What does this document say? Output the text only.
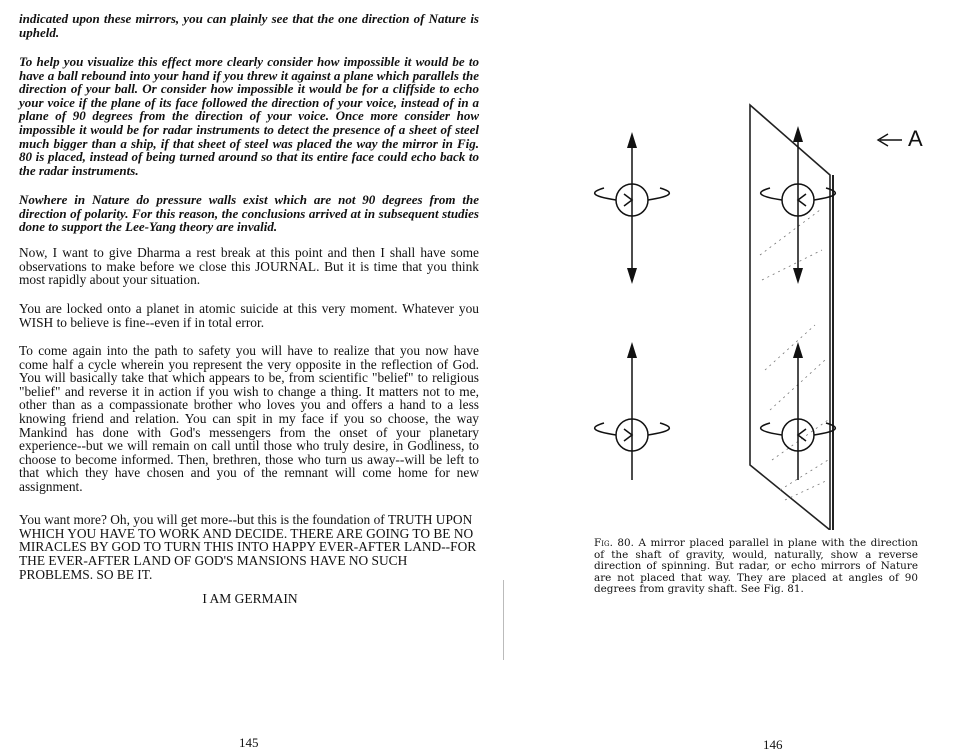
indicated upon these mirrors, you can plainly see that the one direction of Nature is upheld.

To help you visualize this effect more clearly consider how impossible it would be to have a ball rebound into your hand if you threw it against a plane which parallels the direction of your ball. Or consider how impossible it would be for a cliffside to echo your voice if the plane of its face followed the direction of your voice, instead of in a plane of 90 degrees from the direction of your voice. Once more consider how impossible it would be for radar instruments to detect the presence of a sheet of steel much bigger than a ship, if that sheet of steel was placed the way the mirror in Fig. 80 is placed, instead of being turned around so that its entire face could echo back to the radar instruments.

Nowhere in Nature do pressure walls exist which are not 90 degrees from the direction of polarity. For this reason, the conclusions arrived at in subsequent studies done to support the Lee-Yang theory are invalid.

Now, I want to give Dharma a rest break at this point and then I shall have some observations to make before we close this JOURNAL. But it is time that you think most rapidly about your situation.

You are locked onto a planet in atomic suicide at this very moment. Whatever you WISH to believe is fine--even if in total error.

To come again into the path to safety you will have to realize that you now have come half a cycle wherein you represent the very opposite in the reflection of God. You will basically take that which appears to be, from scientific "belief" to religious "belief" and reverse it in action if you wish to change a thing. It matters not to me, other than as a compassionate brother who loves you and offers a hand to a less knowing friend and relation. You can spit in my face if you so choose, the way Mankind has done with God's messengers from the onset of your planetary experience--but we will remain on call until those who truly desire, in Godliness, to choose to become informed. Then, brethren, those who turn us away--will be left to that which they have chosen and you of the remnant will come home for new assignment.

You want more? Oh, you will get more--but this is the foundation of TRUTH UPON WHICH YOU HAVE TO WORK AND DECIDE. THERE ARE GOING TO BE NO MIRACLES BY GOD TO TURN THIS INTO HAPPY EVER-AFTER LAND--FOR THE EVER-AFTER LAND OF GOD'S MANSIONS HAVE NO SUCH PROBLEMS. SO BE IT.

I AM GERMAIN
145
A

Fig. 80. A mirror placed parallel in plane with the direction of the shaft of gravity, would, naturally, show a reverse direction of spinning. But radar, or echo mirrors of Nature are not placed that way. They are placed at angles of 90 degrees from gravity shaft. See Fig. 81.

146
